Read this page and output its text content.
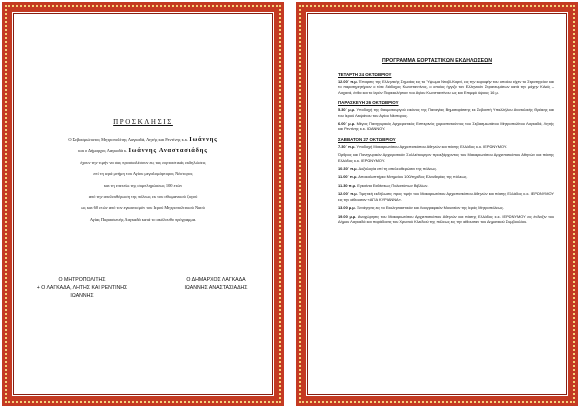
ΠΡΟΣΚΛΗΣΙΣ
Ο Σεβασμιώτατος Μητροπολίτης Λαγκαδά, Λητής και Ρεντίνης κ.κ. Ιωάννης
και ο Δήμαρχος Λαγκαδά κ. Ιωάννης Αναστασιάδης
έχουν την τιμήν να σας προσκαλέσουν εις τας εορταστικάς εκδηλώσεις
επί τη ιερά μνήμη του Αγίου μεγαλομάρτυρος Νέστορος
και τη επετείω της συμπληρώσεως 100 ετών
από την απελευθέρωση της πόλεως εκ του οθωμανικού ζυγού
ως και 60 ετών από τον εγκαινισμόν του Ιερού Μητροπολιτικού Ναού
Αγίας Παρασκευής Λαγκαδά κατά το ακόλουθο πρόγραμμα.
Ο ΜΗΤΡΟΠΟΛΙΤΗΣ
+ Ο ΛΑΓΚΑΔΑ, ΛΗΤΗΣ ΚΑΙ ΡΕΝΤΙΝΗΣ
ΙΩΑΝΝΗΣ
Ο ΔΗΜΑΡΧΟΣ ΛΑΓΚΑΔΑ
ΙΩΑΝΝΗΣ ΑΝΑΣΤΑΣΙΑΔΗΣ
ΠΡΟΓΡΑΜΜΑ ΕΟΡΤΑΣΤΙΚΩΝ ΕΚΔΗΛΩΣΕΩΝ
ΤΕΤΑΡΤΗ 24 ΟΚΤΩΒΡΙΟΥ
12.00΄ π.μ. Έπαρσις της Ελληνικής Σημαίας εις το Ύψωμα Νταβί-Καρνί, εις την κορυφήν του οποίου είχεν το Στρατηγείον και το παρατηρητήριον ο τότε διάδοχος Κωνσταντίνος, ο οποίος ήγγιζε τον Ελληνικόν Στρατευμάτων κατά την μάχην Κιλκίς – Λαχανά, ένθα και το Ιερόν Παρεκκλήσιον του Αγίου Κωνσταντίνου ως και Επιμφό ύψους 16 μ.
ΠΑΡΑΣΚΕΥΗ 26 ΟΚΤΩΒΡΙΟΥ
5.30΄ μ.μ. Υποδοχή της θαυματουργού εικόνος της Παναγίας Βηματαρίσσης εκ Σεβαστή Υπαλλήλου Ανατολικής Θράκης και του Ιερού Λειψάνου του Αγίου Νέστορος.
6.00΄ μ.μ. Μέγας Πανηγυρικός Αρχιερατικός Εσπερινός χοροστατούντος του Σεβασμιωτάτου Μητροπολίτου Λαγκαδά, Λητής και Ρεντίνης κ.κ. ΙΩΑΝΝΟΥ.
ΣΑΒΒΑΤΟΝ 27 ΟΚΤΩΒΡΙΟΥ
7.30΄ π.μ. Υποδοχή Μακαριωτάτου Αρχιεπισκόπου Αθηνών και πάσης Ελλάδος κ.κ. ΙΕΡΩΝΥΜΟΥ.
Όρθρος και Πανηγυρικόν Αρχιερατικόν Συλλείτουργον προεξάρχοντος του Μακαριωτάτου Αρχιεπισκόπου Αθηνών και πάσης Ελλάδος κ.κ. ΙΕΡΩΝΥΜΟΥ.
10.30΄ π.μ. Δοξολογία επί τη απελευθερώσει της πόλεως.
11.00΄ π.μ. Αποκαλυπτήρια Μνημείου 100/τηρίδος Ελευθερίας της πόλεως.
11.30 π.μ. Εγκαίνια Εκθέσεως Παλαιτύπων Βιβλίων.
12.00΄ π.μ. Τιμητική εκδήλωσις προς τιμήν του Μακαριωτάτου Αρχιεπισκόπου Αθηνών και πάσης Ελλάδος κ.κ. ΙΕΡΩΝΥΜΟΥ εις την αίθουσαν «ΑΓΙΑ ΚΥΡΙΑΝΝΑ».
13.00 μ.μ. Ξενάγησις εις το Εκκλησιαστικόν και Λαογραφικόν Μουσείον της Ιεράς Μητροπόλεως.
19.00 μ.μ. Αναχώρησις του Μακαριωτάτου Αρχιεπισκόπου Αθηνών και πάσης Ελλάδος κ.κ. ΙΕΡΩΝΥΜΟΥ εις ένδειξιν του Δήμου Λαγκαδά και παράδοσις του Χρυσού Κλειδιού της πόλεως εις την αίθουσαν του Δημοτικού Συμβουλίου.
